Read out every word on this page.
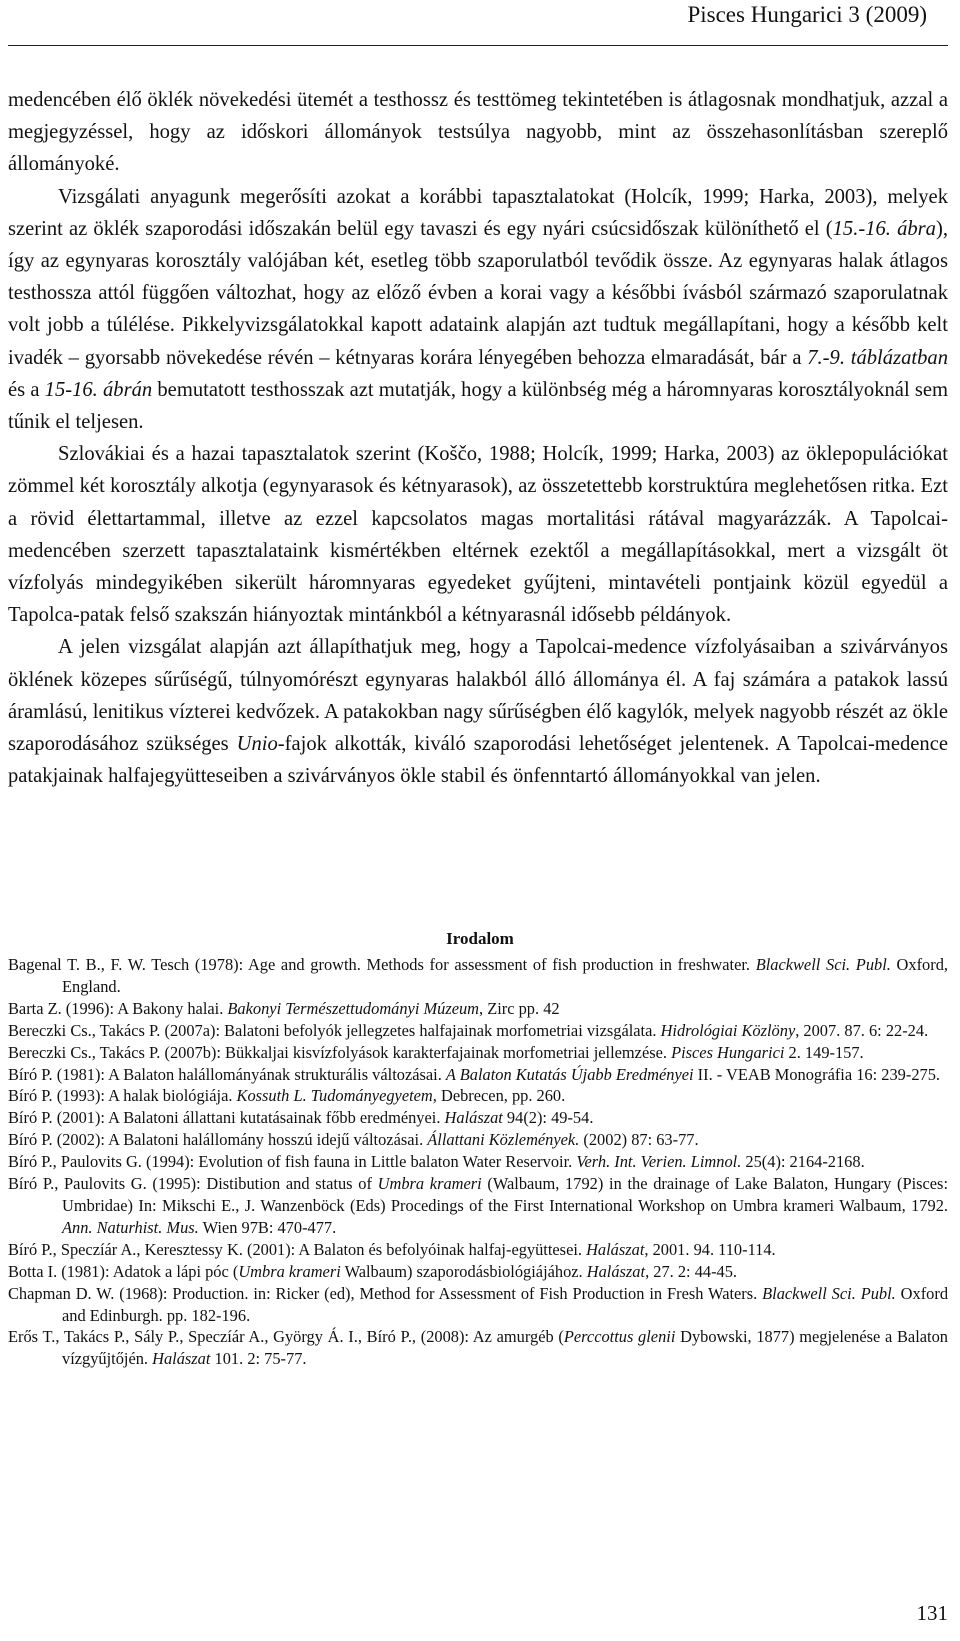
Pisces Hungarici 3 (2009)

medencében élő öklék növekedési ütemét a testhossz és testtömeg tekintetében is átlagosnak mondhatjuk, azzal a megjegyzéssel, hogy az időskori állományok testsúlya nagyobb, mint az összehasonlításban szereplő állományoké.

Vizsgálati anyagunk megerősíti azokat a korábbi tapasztalatokat (Holcík, 1999; Harka, 2003), melyek szerint az öklék szaporodási időszakán belül egy tavaszi és egy nyári csúcsidőszak különíthető el (15.-16. ábra), így az egynyaras korosztály valójában két, esetleg több szaporulatból tevődik össze. Az egynyaras halak átlagos testhossza attól függően változhat, hogy az előző évben a korai vagy a későbbi ívásból származó szaporulatnak volt jobb a túlélése. Pikkelyvizsgálatokkal kapott adataink alapján azt tudtuk megállapítani, hogy a később kelt ivadék – gyorsabb növekedése révén – kétnyaras korára lényegében behozza elmaradását, bár a 7.-9. táblázatban és a 15-16. ábrán bemutatott testhosszak azt mutatják, hogy a különbség még a háromnyaras korosztályoknál sem tűnik el teljesen.

Szlovákiai és a hazai tapasztalatok szerint (Koščo, 1988; Holcík, 1999; Harka, 2003) az öklepopulációkat zömmel két korosztály alkotja (egynyarasok és kétnyarasok), az összetettebb korstruktúra meglehetősen ritka. Ezt a rövid élettartammal, illetve az ezzel kapcsolatos magas mortalitási rátával magyarázzák. A Tapolcai-medencében szerzett tapasztalataink kismértékben eltérnek ezektől a megállapításokkal, mert a vizsgált öt vízfolyás mindegyikében sikerült háromnyaras egyedeket gyűjteni, mintavételi pontjaink közül egyedül a Tapolca-patak felső szakszán hiányoztak mintánkból a kétnyarasnál idősebb példányok.

A jelen vizsgálat alapján azt állapíthatjuk meg, hogy a Tapolcai-medence vízfolyásaiban a szivárványos öklének közepes sűrűségű, túlnyomórészt egynyaras halakból álló állománya él. A faj számára a patakok lassú áramlású, lenitikus vízterei kedvőzek. A patakokban nagy sűrűségben élő kagylók, melyek nagyobb részét az ökle szaporodásához szükséges Unio-fajok alkották, kiváló szaporodási lehetőséget jelentenek. A Tapolcai-medence patakjainak halfajegyütteseiben a szivárványos ökle stabil és önfenntartó állományokkal van jelen.

Irodalom
Bagenal T. B., F. W. Tesch (1978): Age and growth. Methods for assessment of fish production in freshwater. Blackwell Sci. Publ. Oxford, England.
Barta Z. (1996): A Bakony halai. Bakonyi Természettudományi Múzeum, Zirc pp. 42
Bereczki Cs., Takács P. (2007a): Balatoni befolyók jellegzetes halfajainak morfometriai vizsgálata. Hidrológiai Közlöny, 2007. 87. 6: 22-24.
Bereczki Cs., Takács P. (2007b): Bükkaljai kisvízfolyások karakterfajainak morfometriai jellemzése. Pisces Hungarici 2. 149-157.
Bíró P. (1981): A Balaton halállományának strukturális változásai. A Balaton Kutatás Újabb Eredményei II. - VEAB Monográfia 16: 239-275.
Bíró P. (1993): A halak biológiája. Kossuth L. Tudományegyetem, Debrecen, pp. 260.
Bíró P. (2001): A Balatoni állattani kutatásainak főbb eredményei. Halászat 94(2): 49-54.
Bíró P. (2002): A Balatoni halállomány hosszú idejű változásai. Állattani Közlemények. (2002) 87: 63-77.
Bíró P., Paulovits G. (1994): Evolution of fish fauna in Little balaton Water Reservoir. Verh. Int. Verien. Limnol. 25(4): 2164-2168.
Bíró P., Paulovits G. (1995): Distibution and status of Umbra krameri (Walbaum, 1792) in the drainage of Lake Balaton, Hungary (Pisces: Umbridae) In: Mikschi E., J. Wanzenböck (Eds) Procedings of the First International Workshop on Umbra krameri Walbaum, 1792. Ann. Naturhist. Mus. Wien 97B: 470-477.
Bíró P., Speczíár A., Keresztessy K. (2001): A Balaton és befolyóinak halfaj-együttesei. Halászat, 2001. 94. 110-114.
Botta I. (1981): Adatok a lápi póc (Umbra krameri Walbaum) szaporodásbiológiájához. Halászat, 27. 2: 44-45.
Chapman D. W. (1968): Production. in: Ricker (ed), Method for Assessment of Fish Production in Fresh Waters. Blackwell Sci. Publ. Oxford and Edinburgh. pp. 182-196.
Erős T., Takács P., Sály P., Speczíár A., György Á. I., Bíró P., (2008): Az amurgéb (Perccottus glenii Dybowski, 1877) megjelenése a Balaton vízgyűjtőjén. Halászat 101. 2: 75-77.
131
